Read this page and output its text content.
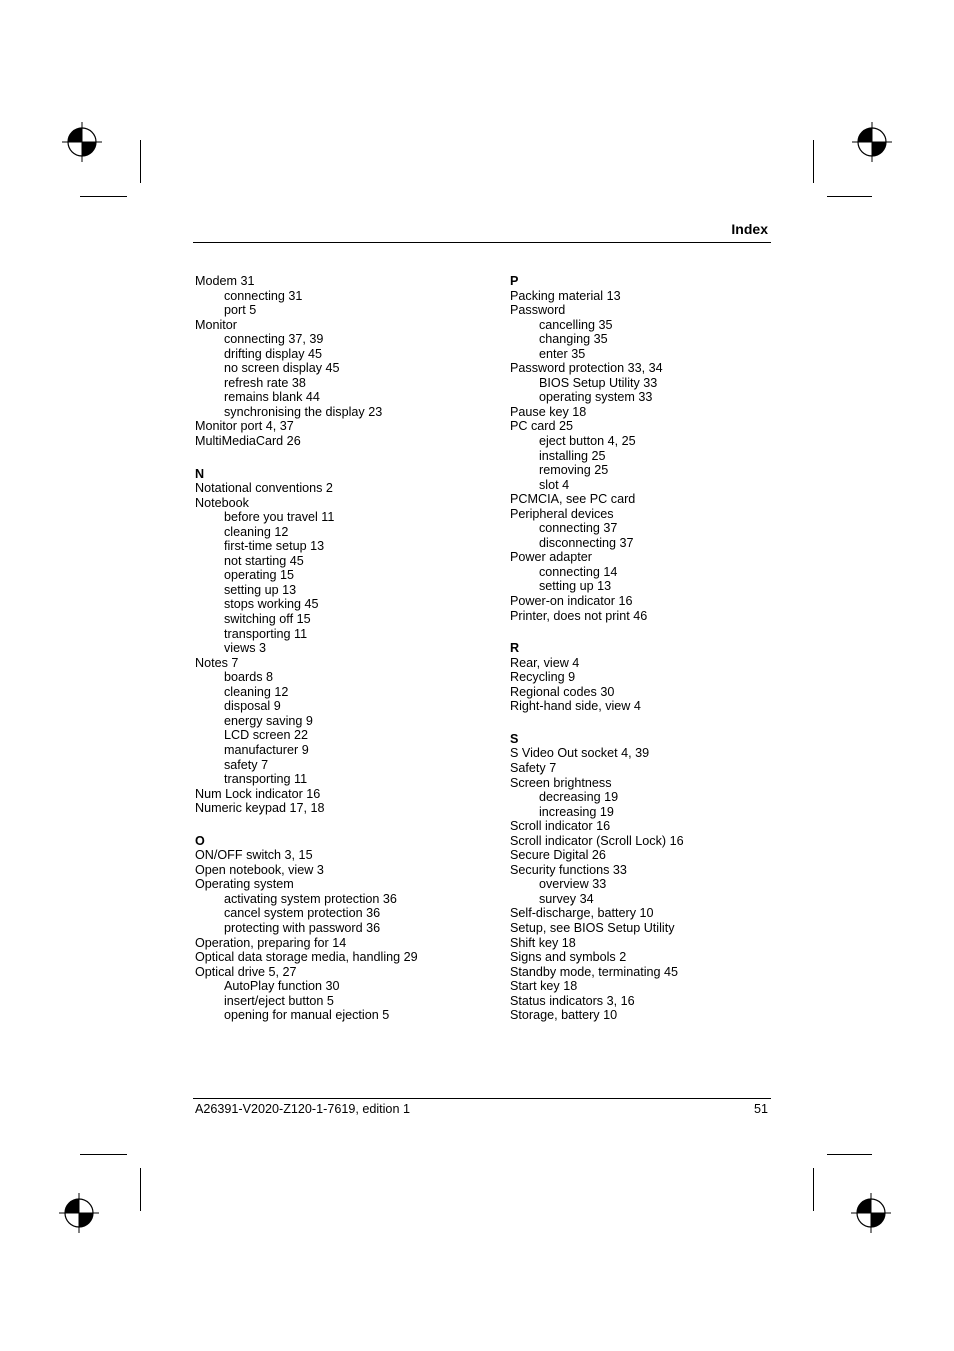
Index
Modem 31
connecting 31
port 5
Monitor
connecting 37, 39
drifting display 45
no screen display 45
refresh rate 38
remains blank 44
synchronising the display 23
Monitor port 4, 37
MultiMediaCard 26
N
Notational conventions 2
Notebook
before you travel 11
cleaning 12
first-time setup 13
not starting 45
operating 15
setting up 13
stops working 45
switching off 15
transporting 11
views 3
Notes 7
boards 8
cleaning 12
disposal 9
energy saving 9
LCD screen 22
manufacturer 9
safety 7
transporting 11
Num Lock indicator 16
Numeric keypad 17, 18
O
ON/OFF switch 3, 15
Open notebook, view 3
Operating system
activating system protection 36
cancel system protection 36
protecting with password 36
Operation, preparing for 14
Optical data storage media, handling 29
Optical drive 5, 27
AutoPlay function 30
insert/eject button 5
opening for manual ejection 5
P
Packing material 13
Password
cancelling 35
changing 35
enter 35
Password protection 33, 34
BIOS Setup Utility 33
operating system 33
Pause key 18
PC card 25
eject button 4, 25
installing 25
removing 25
slot 4
PCMCIA, see PC card
Peripheral devices
connecting 37
disconnecting 37
Power adapter
connecting 14
setting up 13
Power-on indicator 16
Printer, does not print 46
R
Rear, view 4
Recycling 9
Regional codes 30
Right-hand side, view 4
S
S Video Out socket 4, 39
Safety 7
Screen brightness
decreasing 19
increasing 19
Scroll indicator 16
Scroll indicator (Scroll Lock) 16
Secure Digital 26
Security functions 33
overview 33
survey 34
Self-discharge, battery 10
Setup, see BIOS Setup Utility
Shift key 18
Signs and symbols 2
Standby mode, terminating 45
Start key 18
Status indicators 3, 16
Storage, battery 10
A26391-V2020-Z120-1-7619, edition 1	51
